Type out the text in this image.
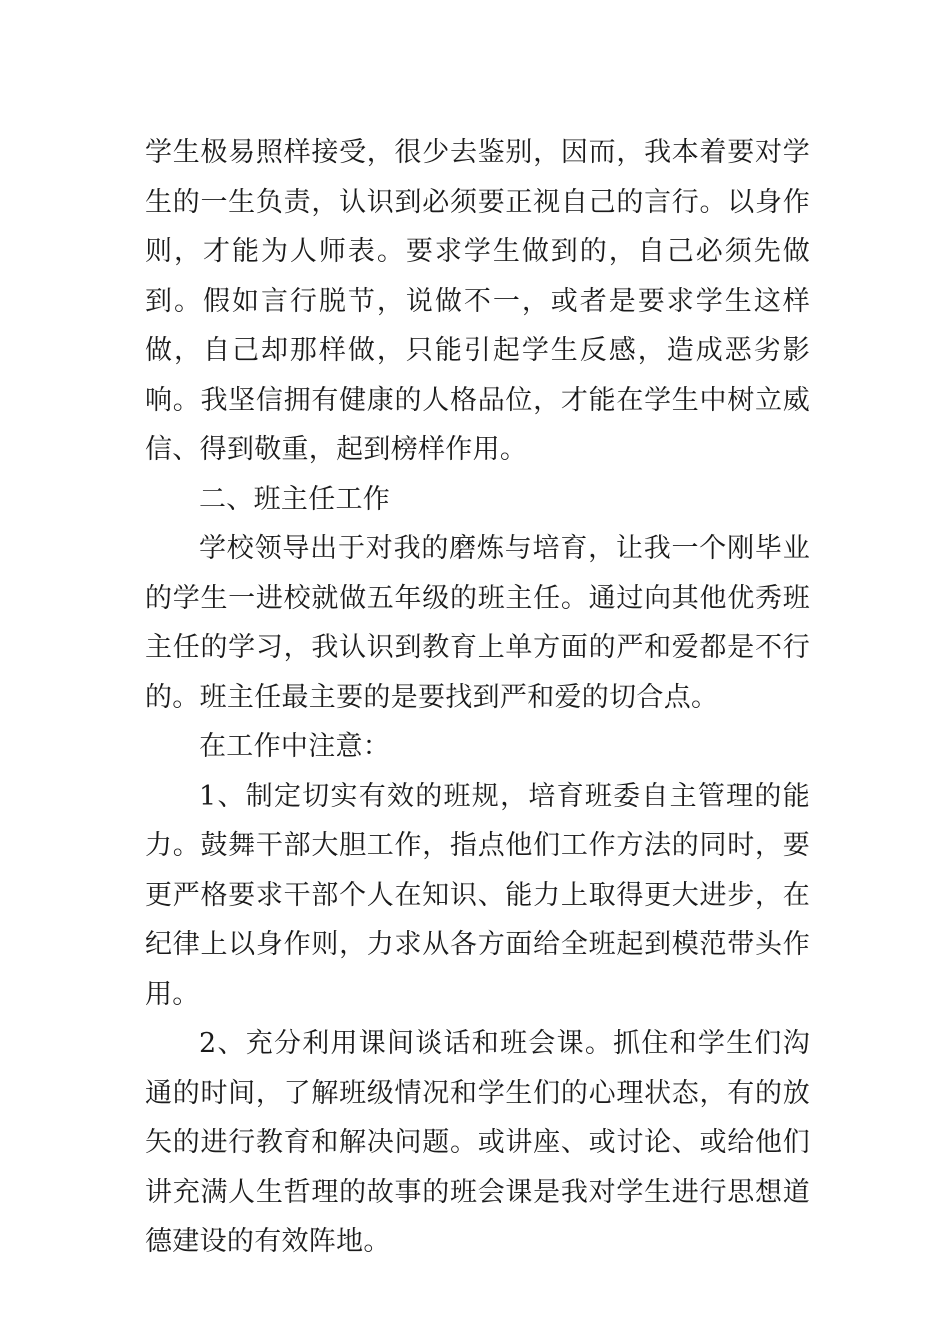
学生极易照样接受，很少去鉴别，因而，我本着要对学生的一生负责，认识到必须要正视自己的言行。以身作则，才能为人师表。要求学生做到的，自己必须先做到。假如言行脱节，说做不一，或者是要求学生这样做，自己却那样做，只能引起学生反感，造成恶劣影响。我坚信拥有健康的人格品位，才能在学生中树立威信、得到敬重，起到榜样作用。

二、班主任工作

学校领导出于对我的磨炼与培育，让我一个刚毕业的学生一进校就做五年级的班主任。通过向其他优秀班主任的学习，我认识到教育上单方面的严和爱都是不行的。班主任最主要的是要找到严和爱的切合点。

在工作中注意：

1、制定切实有效的班规，培育班委自主管理的能力。鼓舞干部大胆工作，指点他们工作方法的同时，要更严格要求干部个人在知识、能力上取得更大进步，在纪律上以身作则，力求从各方面给全班起到模范带头作用。

2、充分利用课间谈话和班会课。抓住和学生们沟通的时间，了解班级情况和学生们的心理状态，有的放矢的进行教育和解决问题。或讲座、或讨论、或给他们讲充满人生哲理的故事的班会课是我对学生进行思想道德建设的有效阵地。
